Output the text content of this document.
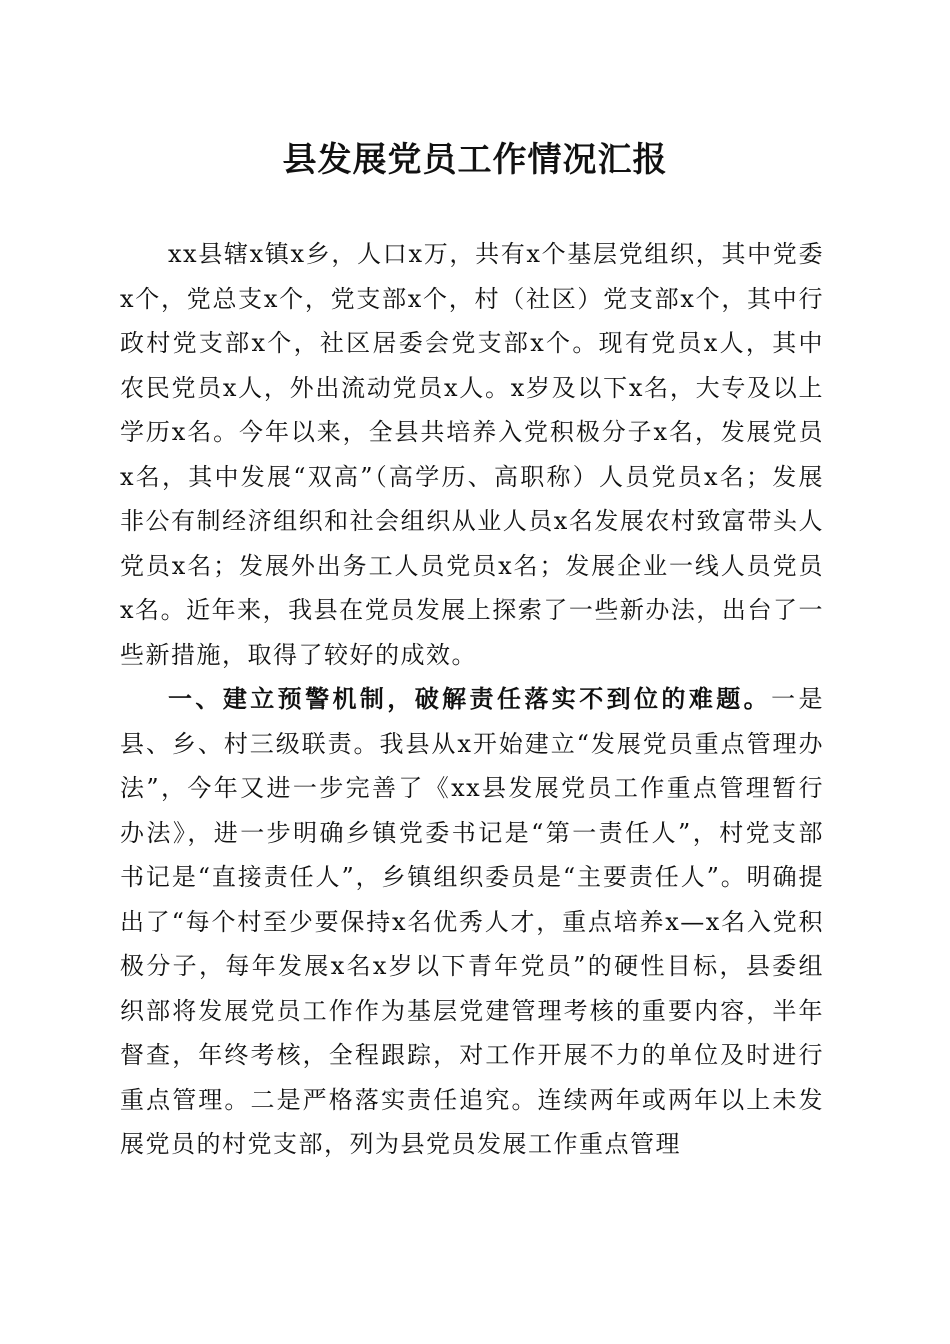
县发展党员工作情况汇报

xx县辖x镇x乡，人口x万，共有x个基层党组织，其中党委x个，党总支x个，党支部x个，村（社区）党支部x个，其中行政村党支部x个，社区居委会党支部x个。现有党员x人，其中农民党员x人，外出流动党员x人。x岁及以下x名，大专及以上学历x名。今年以来，全县共培养入党积极分子x名，发展党员x名，其中发展“双高”（高学历、高职称）人员党员x名；发展非公有制经济组织和社会组织从业人员x名发展农村致富带头人党员x名；发展外出务工人员党员x名；发展企业一线人员党员x名。近年来，我县在党员发展上探索了一些新办法，出台了一些新措施，取得了较好的成效。

一、建立预警机制，破解责任落实不到位的难题。一是县、乡、村三级联责。我县从x开始建立“发展党员重点管理办法”，今年又进一步完善了《xx县发展党员工作重点管理暂行办法》，进一步明确乡镇党委书记是“第一责任人”，村党支部书记是“直接责任人”，乡镇组织委员是“主要责任人”。明确提出了“每个村至少要保持x名优秀人才，重点培养x—x名入党积极分子，每年发展x名x岁以下青年党员”的硬性目标，县委组织部将发展党员工作作为基层党建管理考核的重要内容，半年督查，年终考核，全程跟踪，对工作开展不力的单位及时进行重点管理。二是严格落实责任追究。连续两年或两年以上未发展党员的村党支部，列为县党员发展工作重点管理
